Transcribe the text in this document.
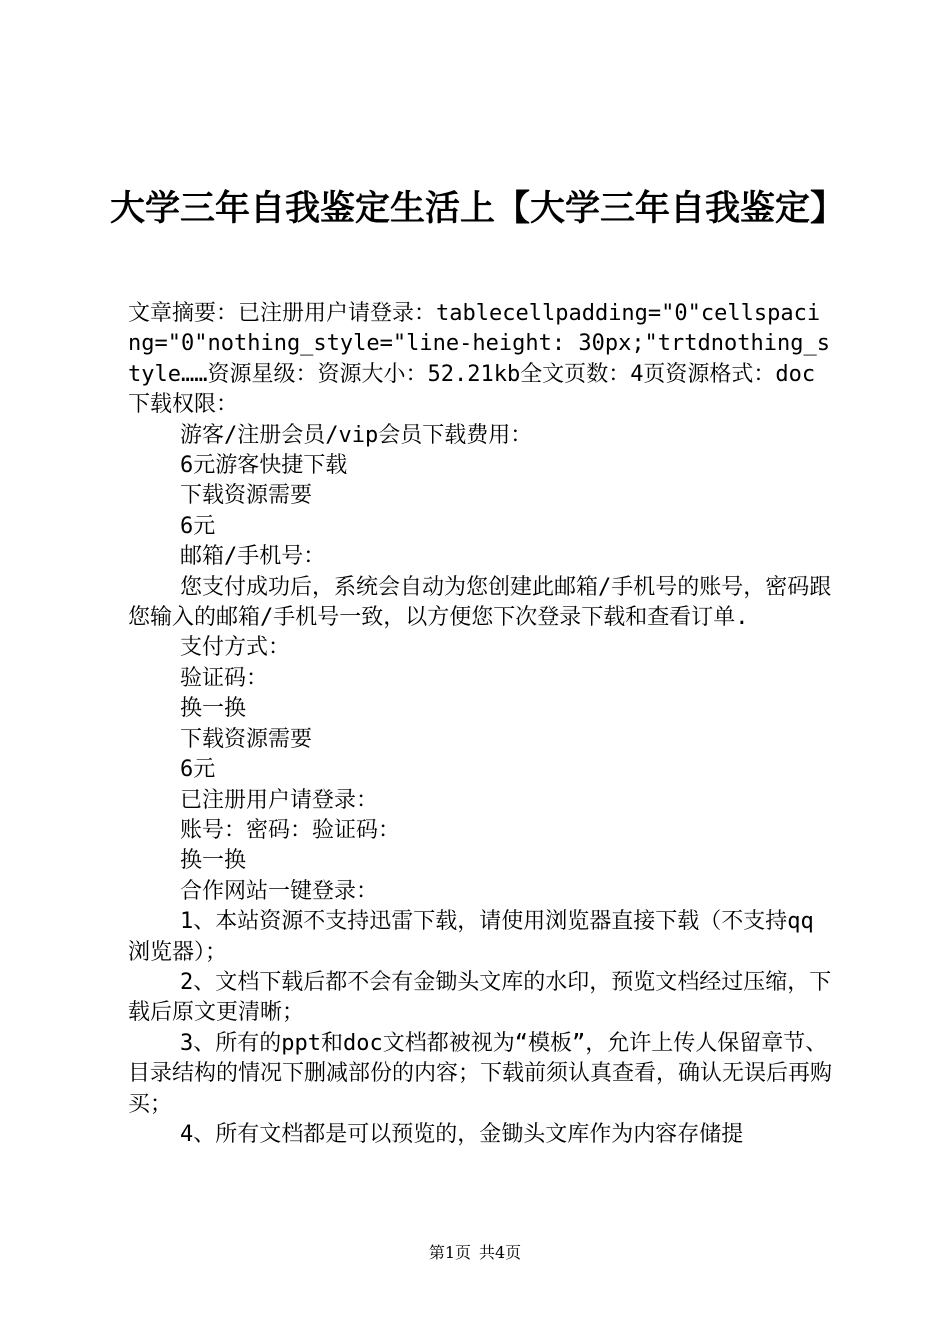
大学三年自我鉴定生活上【大学三年自我鉴定】

文章摘要：已注册用户请登录：tablecellpadding="0"cellspacing="0"nothing_style="line-height: 30px;"trtdnothing_style……资源星级：资源大小：52.21kb全文页数：4页资源格式：doc下载权限：

游客/注册会员/vip会员下载费用：

6元游客快捷下载

下载资源需要

6元

邮箱/手机号：

您支付成功后，系统会自动为您创建此邮箱/手机号的账号，密码跟您输入的邮箱/手机号一致，以方便您下次登录下载和查看订单.

支付方式：

验证码：

换一换

下载资源需要

6元

已注册用户请登录：

账号：密码：验证码：

换一换

合作网站一键登录：

1、本站资源不支持迅雷下载，请使用浏览器直接下载（不支持qq浏览器）；

2、文档下载后都不会有金锄头文库的水印，预览文档经过压缩，下载后原文更清晰；

3、所有的ppt和doc文档都被视为“模板”，允许上传人保留章节、目录结构的情况下删减部份的内容；下载前须认真查看，确认无误后再购买；

4、所有文档都是可以预览的，金锄头文库作为内容存储提

第1页 共4页
